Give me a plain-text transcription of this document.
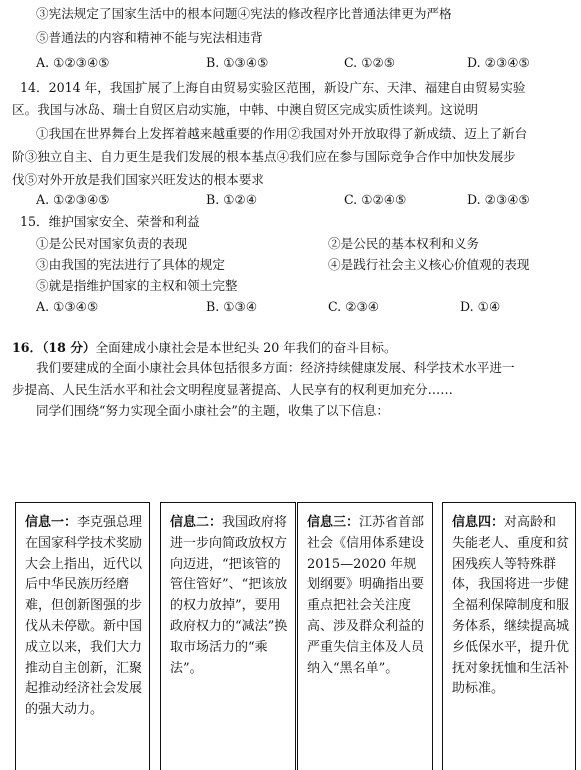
③宪法规定了国家生活中的根本问题④宪法的修改程序比普通法律更为严格
⑤普通法的内容和精神不能与宪法相违背
A. ①②③④⑤	B. ①③④⑤	C. ①②⑤	D. ②③④⑤
14．2014 年，我国扩展了上海自由贸易实验区范围，新设广东、天津、福建自由贸易实验
区。我国与冰岛、瑞士自贸区启动实施，中韩、中澳自贸区完成实质性谈判。这说明
①我国在世界舞台上发挥着越来越重要的作用②我国对外开放取得了新成绩、迈上了新台
阶③独立自主、自力更生是我们发展的根本基点④我们应在参与国际竞争合作中加快发展步
伐⑤对外开放是我们国家兴旺发达的根本要求
A. ①②③④⑤	B. ①②④	C. ①②④⑤	D. ②③④⑤
15．维护国家安全、荣誉和利益
①是公民对国家负责的表现	②是公民的基本权利和义务
③由我国的宪法进行了具体的规定	④是践行社会主义核心价值观的表现
⑤就是指维护国家的主权和领土完整
A. ①③④⑤	B. ①③④	C. ②③④	D. ①④
16．（18 分）全面建成小康社会是本世纪头 20 年我们的奋斗目标。
我们要建成的全面小康社会具体包括很多方面：经济持续健康发展、科学技术水平进一
步提高、人民生活水平和社会文明程度显著提高、人民享有的权利更加充分……
同学们围绕“努力实现全面小康社会”的主题，收集了以下信息：
信息一：李克强总理在国家科学技术奖励大会上指出，近代以后中华民族历经磨难，但创新图强的步伐从未停歇。新中国成立以来，我们大力推动自主创新，汇聚起推动经济社会发展的强大动力。
信息二：我国政府将进一步向简政放权方向迈进，“把该管的管住管好”、“把该放的权力放掉”，要用政府权力的“减法”换取市场活力的“乘法”。
信息三：江苏省首部社会《信用体系建设 2015—2020 年规划纲要》明确指出要重点把社会关注度高、涉及群众利益的严重失信主体及人员纳入“黑名单”。
信息四：对高龄和失能老人、重度和贫困残疾人等特殊群体，我国将进一步健全福利保障制度和服务体系，继续提高城乡低保水平，提升优抚对象抚恤和生活补助标准。
